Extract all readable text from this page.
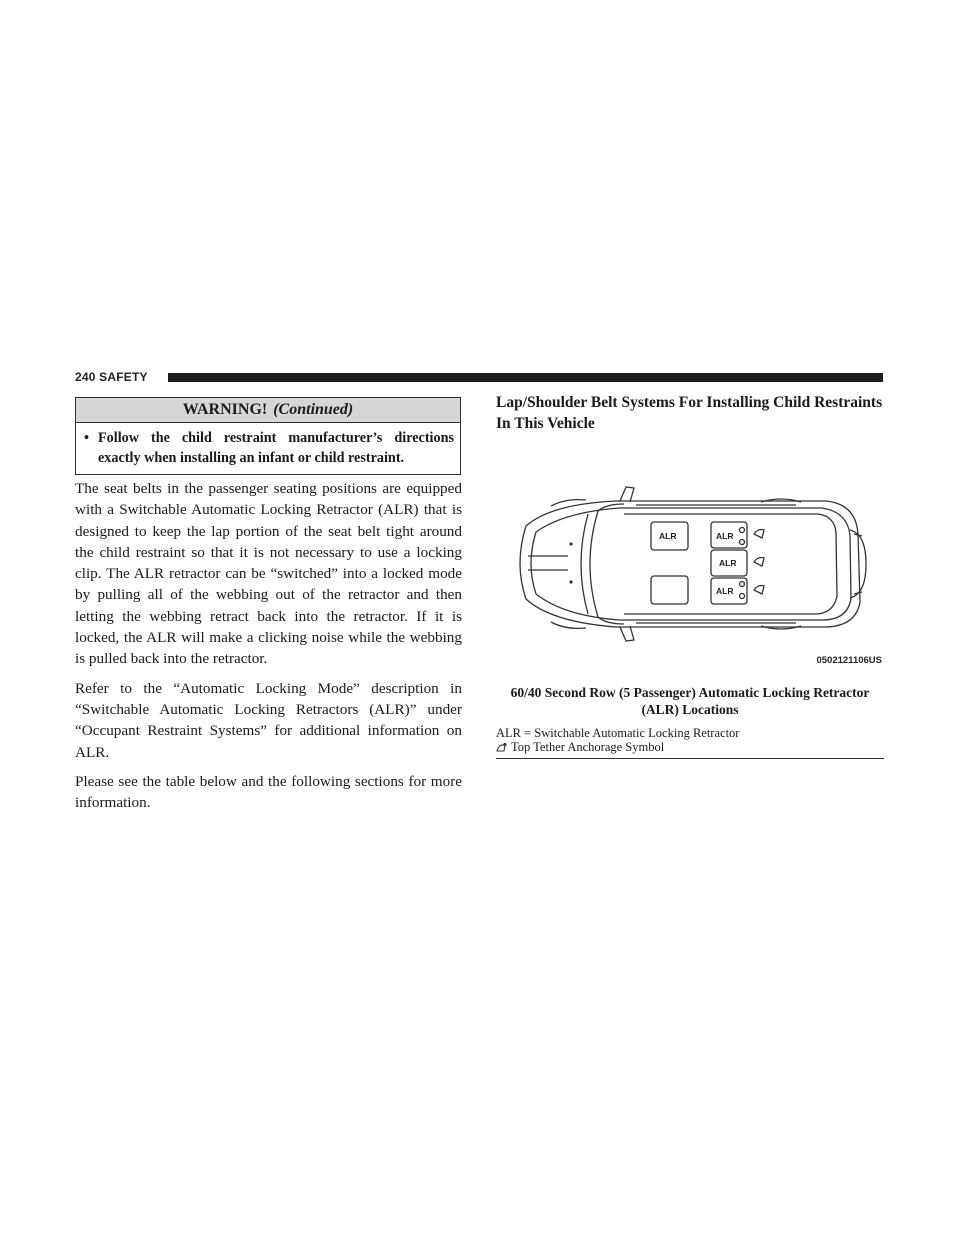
240 SAFETY
WARNING! (Continued)
• Follow the child restraint manufacturer’s directions exactly when installing an infant or child restraint.

The seat belts in the passenger seating positions are equipped with a Switchable Automatic Locking Retractor (ALR) that is designed to keep the lap portion of the seat belt tight around the child restraint so that it is not necessary to use a locking clip. The ALR retractor can be “switched” into a locked mode by pulling all of the webbing out of the retractor and then letting the webbing retract back into the retractor. If it is locked, the ALR will make a clicking noise while the webbing is pulled back into the retractor.

Refer to the “Automatic Locking Mode” description in “Switchable Automatic Locking Retractors (ALR)” under “Occupant Restraint Systems” for additional information on ALR.

Please see the table below and the following sections for more information.

Lap/Shoulder Belt Systems For Installing Child Restraints In This Vehicle
ALR	ALR
ALR
ALR
0502121106US
60/40 Second Row (5 Passenger) Automatic Locking Retractor (ALR) Locations
ALR = Switchable Automatic Locking Retractor
Top Tether Anchorage Symbol
